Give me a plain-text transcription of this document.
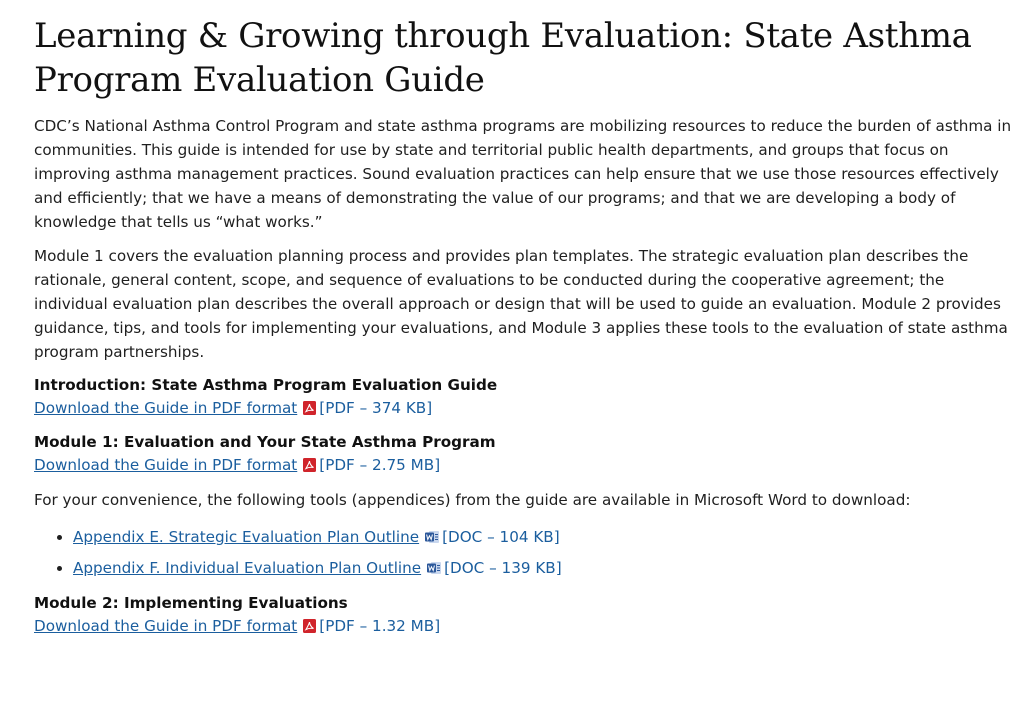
Learning & Growing through Evaluation: State Asthma Program Evaluation Guide

CDC’s National Asthma Control Program and state asthma programs are mobilizing resources to reduce the burden of asthma in communities. This guide is intended for use by state and territorial public health departments, and groups that focus on improving asthma management practices. Sound evaluation practices can help ensure that we use those resources effectively and efficiently; that we have a means of demonstrating the value of our programs; and that we are developing a body of knowledge that tells us “what works.”

Module 1 covers the evaluation planning process and provides plan templates. The strategic evaluation plan describes the rationale, general content, scope, and sequence of evaluations to be conducted during the cooperative agreement; the individual evaluation plan describes the overall approach or design that will be used to guide an evaluation. Module 2 provides guidance, tips, and tools for implementing your evaluations, and Module 3 applies these tools to the evaluation of state asthma program partnerships.

Introduction: State Asthma Program Evaluation Guide
Download the Guide in PDF format [PDF – 374 KB]
Module 1: Evaluation and Your State Asthma Program
Download the Guide in PDF format [PDF – 2.75 MB]

For your convenience, the following tools (appendices) from the guide are available in Microsoft Word to download:

• Appendix E. Strategic Evaluation Plan Outline [DOC – 104 KB]
• Appendix F. Individual Evaluation Plan Outline [DOC – 139 KB]
Module 2: Implementing Evaluations
Download the Guide in PDF format [PDF – 1.32 MB]
